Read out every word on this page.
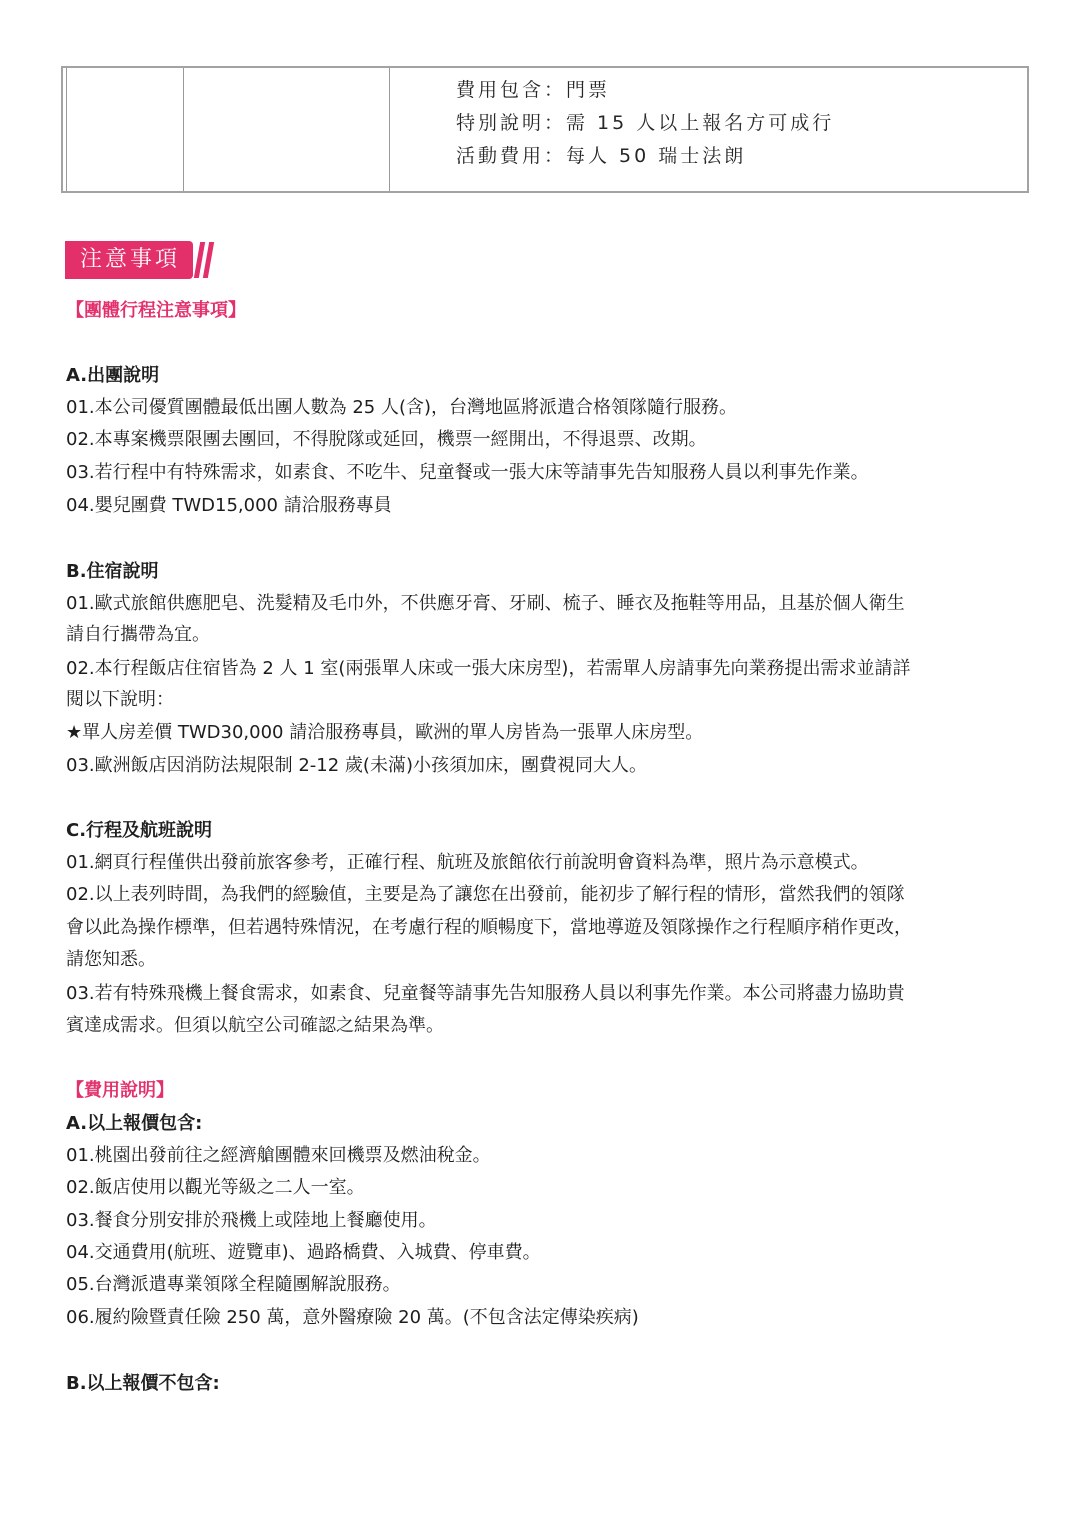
費用包含：門票
特別說明：需 15 人以上報名方可成行
活動費用：每人 50 瑞士法朗
注意事項
【團體行程注意事項】
A.出團說明
01.本公司優質團體最低出團人數為 25 人(含)，台灣地區將派遣合格領隊隨行服務。
02.本專案機票限團去團回，不得脫隊或延回，機票一經開出，不得退票、改期。
03.若行程中有特殊需求，如素食、不吃牛、兒童餐或一張大床等請事先告知服務人員以利事先作業。
04.嬰兒團費 TWD15,000 請洽服務專員
B.住宿說明
01.歐式旅館供應肥皂、洗髮精及毛巾外，不供應牙膏、牙刷、梳子、睡衣及拖鞋等用品，且基於個人衛生
請自行攜帶為宜。
02.本行程飯店住宿皆為 2 人 1 室(兩張單人床或一張大床房型)，若需單人房請事先向業務提出需求並請詳
閱以下說明：
★單人房差價 TWD30,000 請洽服務專員，歐洲的單人房皆為一張單人床房型。
03.歐洲飯店因消防法規限制 2-12 歲(未滿)小孩須加床，團費視同大人。
C.行程及航班說明
01.網頁行程僅供出發前旅客參考，正確行程、航班及旅館依行前說明會資料為準，照片為示意模式。
02.以上表列時間，為我們的經驗值，主要是為了讓您在出發前，能初步了解行程的情形，當然我們的領隊
會以此為操作標準，但若遇特殊情況，在考慮行程的順暢度下，當地導遊及領隊操作之行程順序稍作更改，
請您知悉。
03.若有特殊飛機上餐食需求，如素食、兒童餐等請事先告知服務人員以利事先作業。本公司將盡力協助貴
賓達成需求。但須以航空公司確認之結果為準。
【費用說明】
A.以上報價包含:
01.桃園出發前往之經濟艙團體來回機票及燃油稅金。
02.飯店使用以觀光等級之二人一室。
03.餐食分別安排於飛機上或陸地上餐廳使用。
04.交通費用(航班、遊覽車)、過路橋費、入城費、停車費。
05.台灣派遣專業領隊全程隨團解說服務。
06.履約險暨責任險 250 萬，意外醫療險 20 萬。(不包含法定傳染疾病)
B.以上報價不包含:
